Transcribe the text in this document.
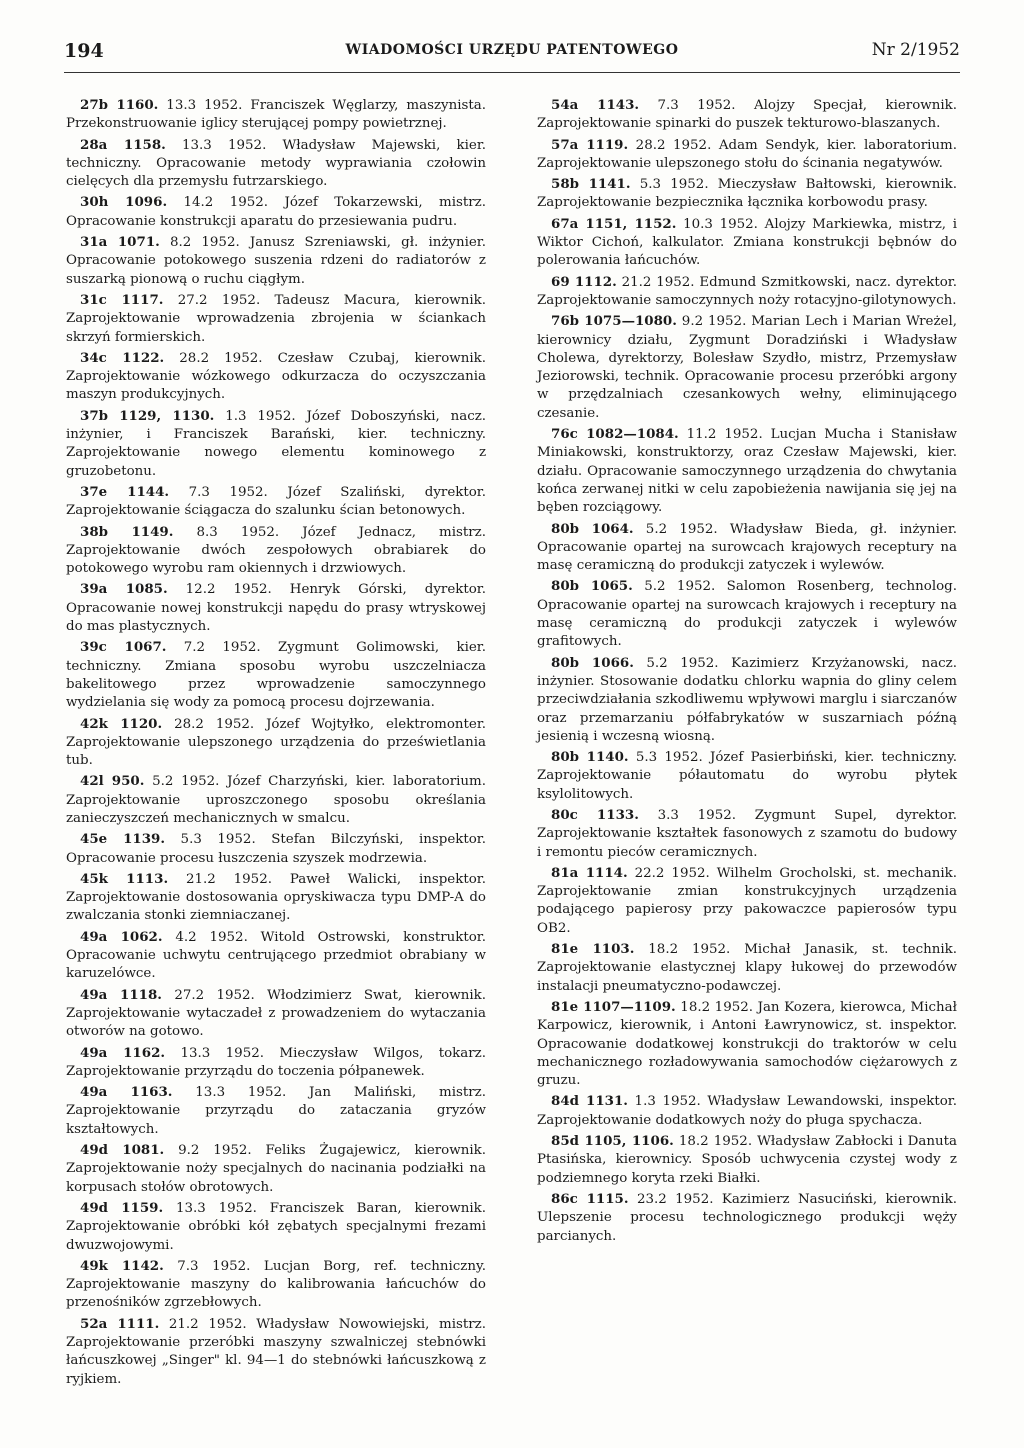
194	WIADOMOŚCI URZĘDU PATENTOWEGO	Nr 2/1952

27b 1160. 13.3 1952. Franciszek Węglarzy, maszynista. Przekonstruowanie iglicy sterującej pompy powietrznej.

28a 1158. 13.3 1952. Władysław Majewski, kier. techniczny. Opracowanie metody wyprawiania czołowin cielęcych dla przemysłu futrzarskiego.

30h 1096. 14.2 1952. Józef Tokarzewski, mistrz. Opracowanie konstrukcji aparatu do przesiewania pudru.

31a 1071. 8.2 1952. Janusz Szreniawski, gł. inżynier. Opracowanie potokowego suszenia rdzeni do radiatorów z suszarką pionową o ruchu ciągłym.

31c 1117. 27.2 1952. Tadeusz Macura, kierownik. Zaprojektowanie wprowadzenia zbrojenia w ściankach skrzyń formierskich.

34c 1122. 28.2 1952. Czesław Czubaj, kierownik. Zaprojektowanie wózkowego odkurzacza do oczyszczania maszyn produkcyjnych.

37b 1129, 1130. 1.3 1952. Józef Doboszyński, nacz. inżynier, i Franciszek Barański, kier. techniczny. Zaprojektowanie nowego elementu kominowego z gruzobetonu.

37e 1144. 7.3 1952. Józef Szaliński, dyrektor. Zaprojektowanie ściągacza do szalunku ścian betonowych.

38b 1149. 8.3 1952. Józef Jednacz, mistrz. Zaprojektowanie dwóch zespołowych obrabiarek do potokowego wyrobu ram okiennych i drzwiowych.

39a 1085. 12.2 1952. Henryk Górski, dyrektor. Opracowanie nowej konstrukcji napędu do prasy wtryskowej do mas plastycznych.

39c 1067. 7.2 1952. Zygmunt Golimowski, kier. techniczny. Zmiana sposobu wyrobu uszczelniacza bakelitowego przez wprowadzenie samoczynnego wydzielania się wody za pomocą procesu dojrzewania.

42k 1120. 28.2 1952. Józef Wojtyłko, elektromonter. Zaprojektowanie ulepszonego urządzenia do prześwietlania tub.

42l 950. 5.2 1952. Józef Charzyński, kier. laboratorium. Zaprojektowanie uproszczonego sposobu określania zanieczyszczeń mechanicznych w smalcu.

45e 1139. 5.3 1952. Stefan Bilczyński, inspektor. Opracowanie procesu łuszczenia szyszek modrzewia.

45k 1113. 21.2 1952. Paweł Walicki, inspektor. Zaprojektowanie dostosowania opryskiwacza typu DMP-A do zwalczania stonki ziemniaczanej.

49a 1062. 4.2 1952. Witold Ostrowski, konstruktor. Opracowanie uchwytu centrującego przedmiot obrabiany w karuzelówce.

49a 1118. 27.2 1952. Włodzimierz Swat, kierownik. Zaprojektowanie wytaczadeł z prowadzeniem do wytaczania otworów na gotowo.

49a 1162. 13.3 1952. Mieczysław Wilgos, tokarz. Zaprojektowanie przyrządu do toczenia półpanewek.

49a 1163. 13.3 1952. Jan Maliński, mistrz. Zaprojektowanie przyrządu do zataczania gryzów kształtowych.

49d 1081. 9.2 1952. Feliks Żugajewicz, kierownik. Zaprojektowanie noży specjalnych do nacinania podziałki na korpusach stołów obrotowych.

49d 1159. 13.3 1952. Franciszek Baran, kierownik. Zaprojektowanie obróbki kół zębatych specjalnymi frezami dwuzwojowymi.

49k 1142. 7.3 1952. Lucjan Borg, ref. techniczny. Zaprojektowanie maszyny do kalibrowania łańcuchów do przenośników zgrzebłowych.

52a 1111. 21.2 1952. Władysław Nowowiejski, mistrz. Zaprojektowanie przeróbki maszyny szwalniczej stebnówki łańcuszkowej „Singer" kl. 94—1 do stebnówki łańcuszkową z ryjkiem.

54a 1143. 7.3 1952. Alojzy Specjał, kierownik. Zaprojektowanie spinarki do puszek tekturowo-blaszanych.

57a 1119. 28.2 1952. Adam Sendyk, kier. laboratorium. Zaprojektowanie ulepszonego stołu do ścinania negatywów.

58b 1141. 5.3 1952. Mieczysław Bałtowski, kierownik. Zaprojektowanie bezpiecznika łącznika korbowodu prasy.

67a 1151, 1152. 10.3 1952. Alojzy Markiewka, mistrz, i Wiktor Cichoń, kalkulator. Zmiana konstrukcji bębnów do polerowania łańcuchów.

69 1112. 21.2 1952. Edmund Szmitkowski, nacz. dyrektor. Zaprojektowanie samoczynnych noży rotacyjno-gilotynowych.

76b 1075—1080. 9.2 1952. Marian Lech i Marian Wreżel, kierownicy działu, Zygmunt Doradziński i Władysław Cholewa, dyrektorzy, Bolesław Szydło, mistrz, Przemysław Jeziorowski, technik. Opracowanie procesu przeróbki argony w przędzalniach czesankowych wełny, eliminującego czesanie.

76c 1082—1084. 11.2 1952. Lucjan Mucha i Stanisław Miniakowski, konstruktorzy, oraz Czesław Majewski, kier. działu. Opracowanie samoczynnego urządzenia do chwytania końca zerwanej nitki w celu zapobieżenia nawijania się jej na bęben rozciągowy.

80b 1064. 5.2 1952. Władysław Bieda, gł. inżynier. Opracowanie opartej na surowcach krajowych receptury na masę ceramiczną do produkcji zatyczek i wylewów.

80b 1065. 5.2 1952. Salomon Rosenberg, technolog. Opracowanie opartej na surowcach krajowych i receptury na masę ceramiczną do produkcji zatyczek i wylewów grafitowych.

80b 1066. 5.2 1952. Kazimierz Krzyżanowski, nacz. inżynier. Stosowanie dodatku chlorku wapnia do gliny celem przeciwdziałania szkodliwemu wpływowi marglu i siarczanów oraz przemarzaniu półfabrykatów w suszarniach późną jesienią i wczesną wiosną.

80b 1140. 5.3 1952. Józef Pasierbiński, kier. techniczny. Zaprojektowanie półautomatu do wyrobu płytek ksylolitowych.

80c 1133. 3.3 1952. Zygmunt Supel, dyrektor. Zaprojektowanie kształtek fasonowych z szamotu do budowy i remontu pieców ceramicznych.

81a 1114. 22.2 1952. Wilhelm Grocholski, st. mechanik. Zaprojektowanie zmian konstrukcyjnych urządzenia podającego papierosy przy pakowaczce papierosów typu OB2.

81e 1103. 18.2 1952. Michał Janasik, st. technik. Zaprojektowanie elastycznej klapy łukowej do przewodów instalacji pneumatyczno-podawczej.

81e 1107—1109. 18.2 1952. Jan Kozera, kierowca, Michał Karpowicz, kierownik, i Antoni Ławrynowicz, st. inspektor. Opracowanie dodatkowej konstrukcji do traktorów w celu mechanicznego rozładowywania samochodów ciężarowych z gruzu.

84d 1131. 1.3 1952. Władysław Lewandowski, inspektor. Zaprojektowanie dodatkowych noży do pługa spychacza.

85d 1105, 1106. 18.2 1952. Władysław Zabłocki i Danuta Ptasińska, kierownicy. Sposób uchwycenia czystej wody z podziemnego koryta rzeki Białki.

86c 1115. 23.2 1952. Kazimierz Nasuciński, kierownik. Ulepszenie procesu technologicznego produkcji węży parcianych.
